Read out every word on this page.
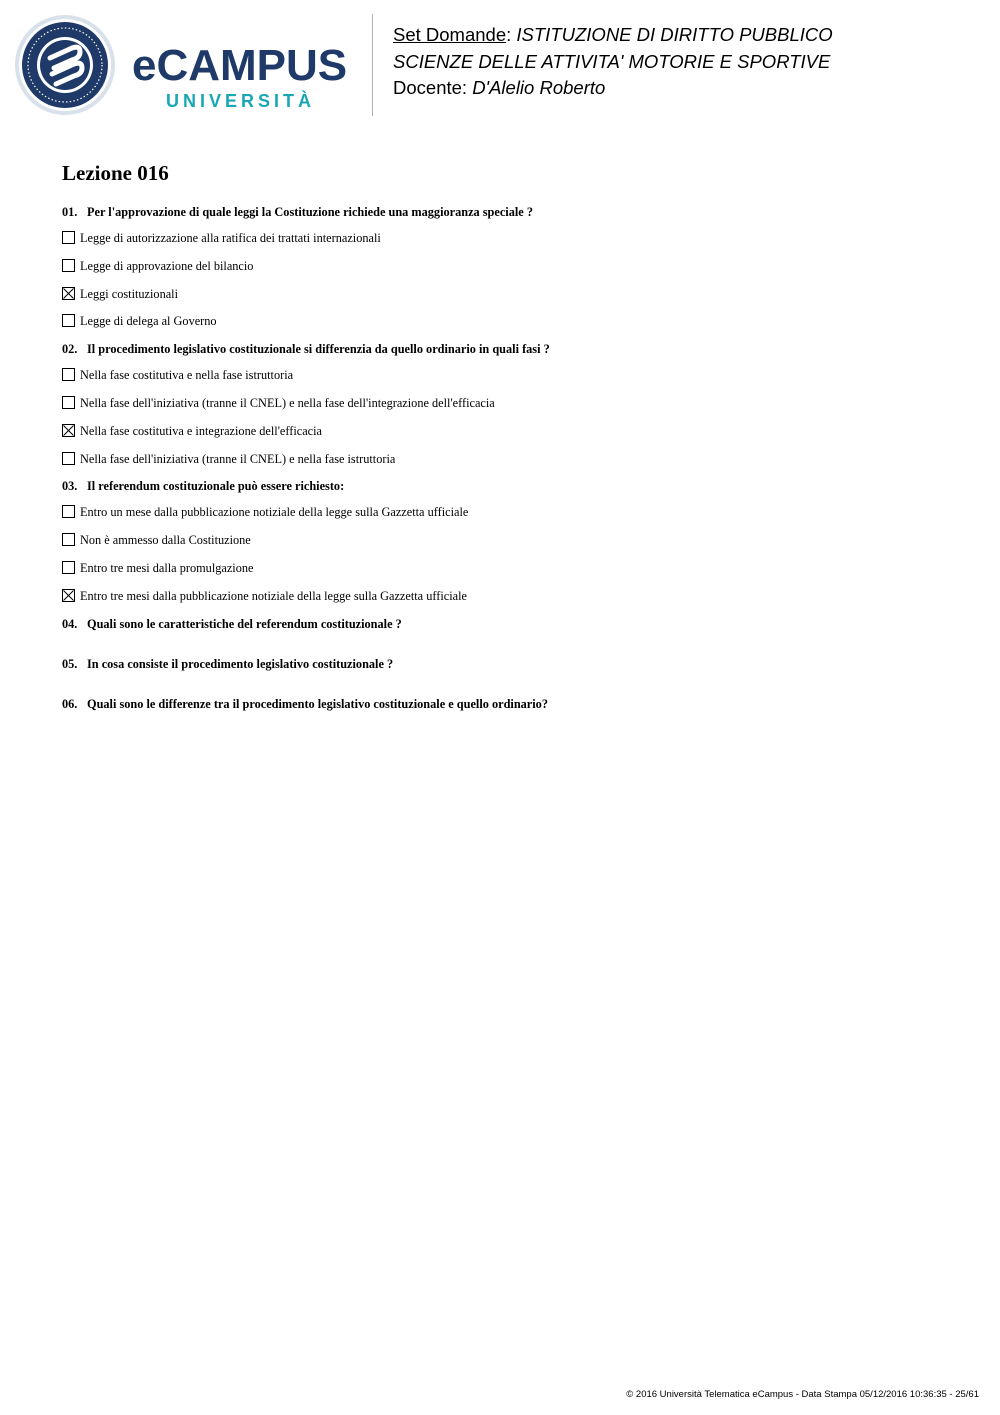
eCAMPUS
UNIVERSITÀ
Set Domande: ISTITUZIONE DI DIRITTO PUBBLICO
SCIENZE DELLE ATTIVITA' MOTORIE E SPORTIVE
Docente: D'Alelio Roberto
Lezione 016
01. Per l'approvazione di quale leggi la Costituzione richiede una maggioranza speciale ?
Legge di autorizzazione alla ratifica dei trattati internazionali
Legge di approvazione del bilancio
Leggi costituzionali
Legge di delega al Governo
02. Il procedimento legislativo costituzionale si differenzia da quello ordinario in quali fasi ?
Nella fase costitutiva e nella fase istruttoria
Nella fase dell'iniziativa (tranne il CNEL) e nella fase dell'integrazione dell'efficacia
Nella fase costitutiva e integrazione dell'efficacia
Nella fase dell'iniziativa (tranne il CNEL) e nella fase istruttoria
03. Il referendum costituzionale può essere richiesto:
Entro un mese dalla pubblicazione notiziale della legge sulla Gazzetta ufficiale
Non è ammesso dalla Costituzione
Entro tre mesi dalla promulgazione
Entro tre mesi dalla pubblicazione notiziale della legge sulla Gazzetta ufficiale
04. Quali sono le caratteristiche del referendum costituzionale ?
05. In cosa consiste il procedimento legislativo costituzionale ?
06. Quali sono le differenze tra il procedimento legislativo costituzionale e quello ordinario?
© 2016 Università Telematica eCampus - Data Stampa 05/12/2016 10:36:35 - 25/61
